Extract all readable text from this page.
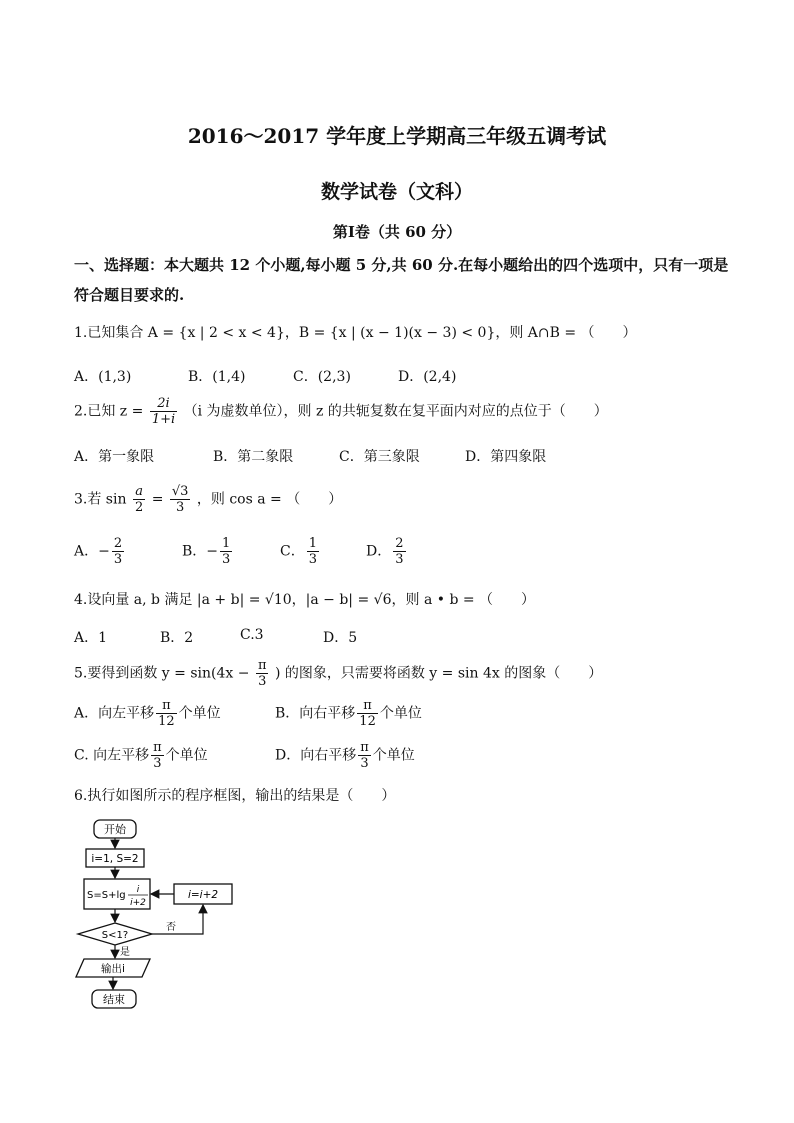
2016～2017 学年度上学期高三年级五调考试
数学试卷（文科）
第Ⅰ卷（共 60 分）
一、选择题：本大题共 12 个小题,每小题 5 分,共 60 分.在每小题给出的四个选项中，只有一项是符合题目要求的.
1.已知集合 A = {x | 2 < x < 4}，B = {x | (x − 1)(x − 3) < 0}，则 A∩B = （　　）
A．(1,3)	B．(1,4)	C．(2,3)	D．(2,4)
2.已知 $z = \frac{2i}{1+i} (i$ 为虚数单位），则 z 的共轭复数在复平面内对应的点位于（　　）
A．第一象限	B．第二象限	C．第三象限	D．第四象限
3.若 $\sin \frac{a}{2} = \frac{√3}{3}$ ，则 cos a = （　　）
A．− $\frac{2}{3}$	B．− $\frac{1}{3}$	C． $\frac{1}{3}$	D． $\frac{2}{3}$
4.设向量 a, b 满足 |a + b| = √10，|a − b| = √6，则 a • b = （　　）
A．1	B．2	C.3	D．5
5.要得到函数 $y = \sin(4x - \frac{\pi}{3}$ ) 的图象，只需要将函数 y = sin 4x 的图象（　　）
A．向左平移 $\frac{\pi}{12}$ 个单位	B．向右平移 $\frac{\pi}{12}$ 个单位
C. 向左平移 $\frac{\pi}{3}$ 个单位	D．向右平移 $\frac{\pi}{3}$ 个单位
6.执行如图所示的程序框图，输出的结果是（　　）
开始
i=1, S=2
S=S+lg i
i+2
i=i+2
S<1?
否
是
输出i
结束
